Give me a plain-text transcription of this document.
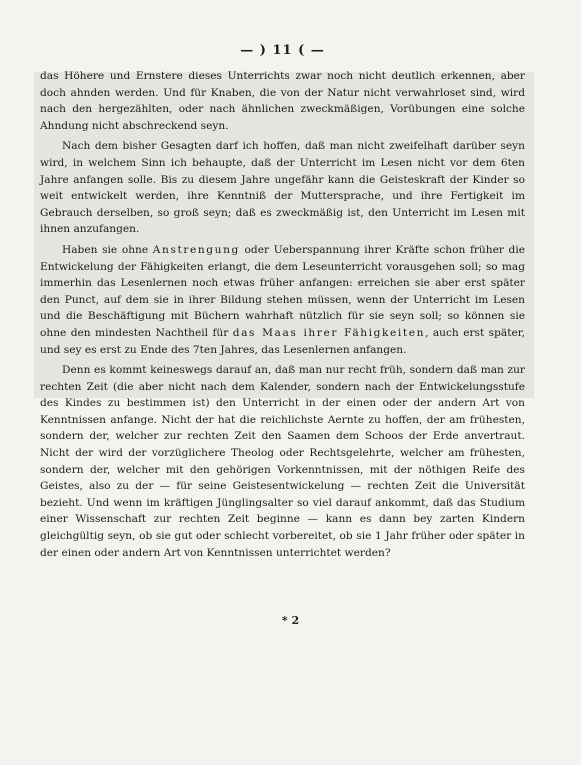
— ) 11 ( —

das Höhere und Ernstere dieses Unterrichts zwar noch nicht deutlich erkennen, aber doch ahnden werden. Und für Knaben, die von der Natur nicht verwahrloset sind, wird nach den hergezählten, oder nach ähnlichen zweckmäßigen, Vorübungen eine solche Ahndung nicht abschreckend seyn.

Nach dem bisher Gesagten darf ich hoffen, daß man nicht zweifelhaft darüber seyn wird, in welchem Sinn ich behaupte, daß der Unterricht im Lesen nicht vor dem 6ten Jahre anfangen solle. Bis zu diesem Jahre ungefähr kann die Geisteskraft der Kinder so weit entwickelt werden, ihre Kenntniß der Muttersprache, und ihre Fertigkeit im Gebrauch derselben, so groß seyn; daß es zweckmäßig ist, den Unterricht im Lesen mit ihnen anzufangen.

Haben sie ohne Anstrengung oder Ueberspannung ihrer Kräfte schon früher die Entwickelung der Fähigkeiten erlangt, die dem Leseunterricht vorausgehen soll; so mag immerhin das Lesenlernen noch etwas früher anfangen: erreichen sie aber erst später den Punct, auf dem sie in ihrer Bildung stehen müssen, wenn der Unterricht im Lesen und die Beschäftigung mit Büchern wahrhaft nützlich für sie seyn soll; so können sie ohne den mindesten Nachtheil für das Maas ihrer Fähigkeiten, auch erst später, und sey es erst zu Ende des 7ten Jahres, das Lesenlernen anfangen.

Denn es kommt keineswegs darauf an, daß man nur recht früh, sondern daß man zur rechten Zeit (die aber nicht nach dem Kalender, sondern nach der Entwickelungsstufe des Kindes zu bestimmen ist) den Unterricht in der einen oder der andern Art von Kenntnissen anfange. Nicht der hat die reichlichste Aernte zu hoffen, der am frühesten, sondern der, welcher zur rechten Zeit den Saamen dem Schoos der Erde anvertraut. Nicht der wird der vorzüglichere Theolog oder Rechtsgelehrte, welcher am frühesten, sondern der, welcher mit den gehörigen Vorkenntnissen, mit der nöthigen Reife des Geistes, also zu der — für seine Geistesentwickelung — rechten Zeit die Universität bezieht. Und wenn im kräftigen Jünglingsalter so viel darauf ankommt, daß das Studium einer Wissenschaft zur rechten Zeit beginne — kann es dann bey zarten Kindern gleichgültig seyn, ob sie gut oder schlecht vorbereitet, ob sie 1 Jahr früher oder später in der einen oder andern Art von Kenntnissen unterrichtet werden?

* 2
